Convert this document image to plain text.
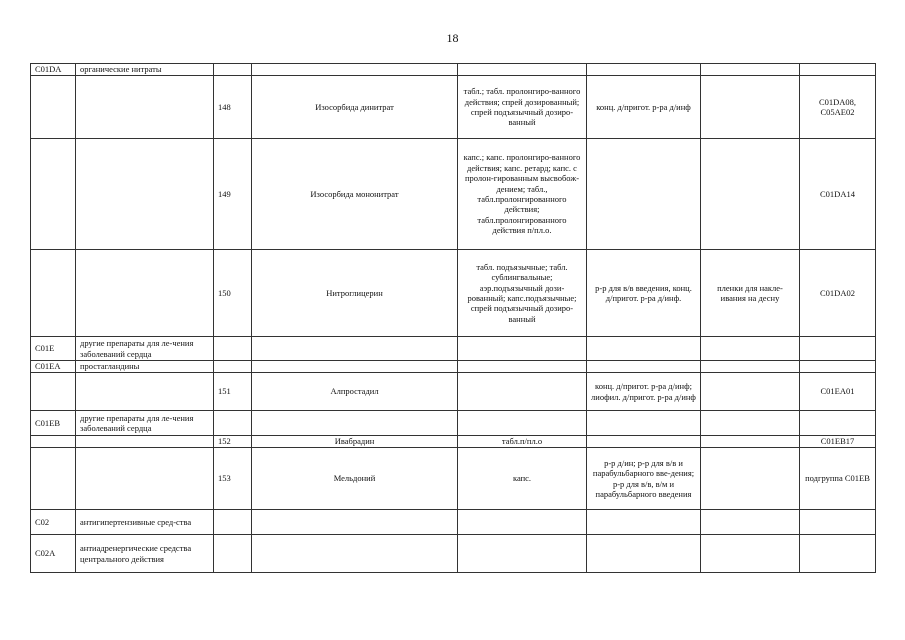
18
C01DA	органические нитраты						
		148	Изосорбида динитрат	табл.; табл. пролонгиро-ванного действия; спрей дозированный; спрей подъязычный дозиро-ванный	конц. д/пригот. р-ра д/инф		C01DA08, C05AE02
		149	Изосорбида мононитрат	капс.; капс. пролонгиро-ванного действия; капс. ретард; капс. с пролон-гированным высвобож-дением; табл., табл.пролонгированного действия; табл.пролонгированного действия п/пл.о.			C01DA14
		150	Нитроглицерин	табл. подъязычные; табл. сублингвальные; аэр.подъязычный дози-рованный; капс.подъязычные; спрей подъязычный дозиро-ванный	р-р для в/в введения, конц. д/пригот. р-ра д/инф.	пленки для накле-ивания на десну	C01DA02
C01E	другие препараты для ле-чения заболеваний сердца						
C01EA	простагландины						
		151	Алпростадил		конц. д/пригот. р-ра д/инф; лиофил. д/пригот. р-ра д/инф		C01EA01
C01EB	другие препараты для ле-чения заболеваний сердца						
		152	Ивабрадин	табл.п/пл.о			C01EB17
		153	Мельдоний	капс.	р-р д/ин; р-р для в/в и парабульбарного вве-дения; р-р для в/в, в/м и парабульбарного введения		подгруппа C01EB
C02	антигипертензивные сред-ства						
C02A	антиадренергические средства центрального действия						
